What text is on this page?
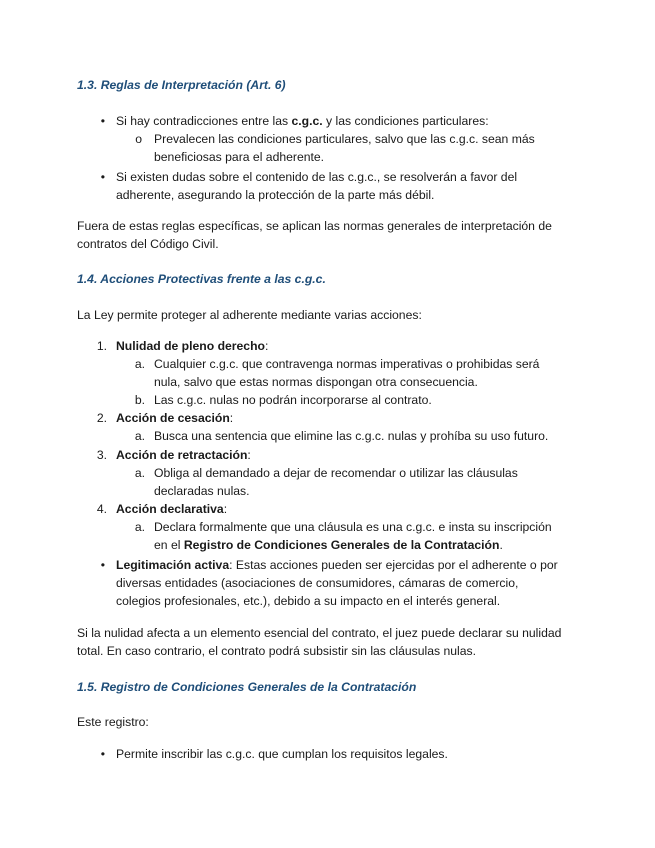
1.3. Reglas de Interpretación (Art. 6)
• Si hay contradicciones entre las c.g.c. y las condiciones particulares:
o Prevalecen las condiciones particulares, salvo que las c.g.c. sean más
beneficiosas para el adherente.
• Si existen dudas sobre el contenido de las c.g.c., se resolverán a favor del
adherente, asegurando la protección de la parte más débil.
Fuera de estas reglas específicas, se aplican las normas generales de interpretación de
contratos del Código Civil.
1.4. Acciones Protectivas frente a las c.g.c.
La Ley permite proteger al adherente mediante varias acciones:
1. Nulidad de pleno derecho:
a. Cualquier c.g.c. que contravenga normas imperativas o prohibidas será
nula, salvo que estas normas dispongan otra consecuencia.
b. Las c.g.c. nulas no podrán incorporarse al contrato.
2. Acción de cesación:
a. Busca una sentencia que elimine las c.g.c. nulas y prohíba su uso futuro.
3. Acción de retractación:
a. Obliga al demandado a dejar de recomendar o utilizar las cláusulas
declaradas nulas.
4. Acción declarativa:
a. Declara formalmente que una cláusula es una c.g.c. e insta su inscripción
en el Registro de Condiciones Generales de la Contratación.
• Legitimación activa: Estas acciones pueden ser ejercidas por el adherente o por
diversas entidades (asociaciones de consumidores, cámaras de comercio,
colegios profesionales, etc.), debido a su impacto en el interés general.
Si la nulidad afecta a un elemento esencial del contrato, el juez puede declarar su nulidad
total. En caso contrario, el contrato podrá subsistir sin las cláusulas nulas.
1.5. Registro de Condiciones Generales de la Contratación
Este registro:
• Permite inscribir las c.g.c. que cumplan los requisitos legales.
